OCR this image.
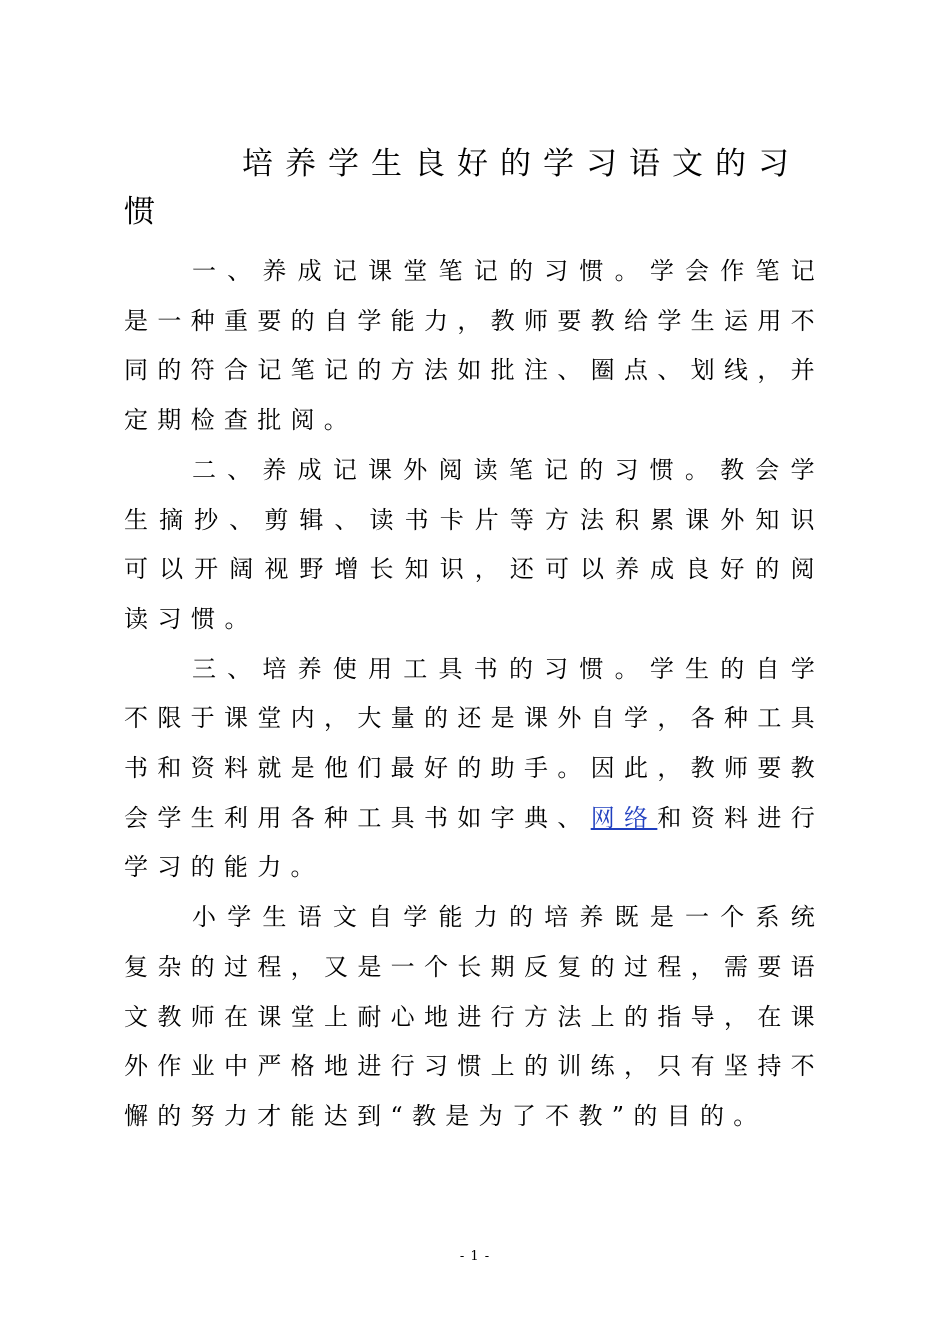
培养学生良好的学习语文的习惯

一、养成记课堂笔记的习惯。学会作笔记是一种重要的自学能力，教师要教给学生运用不同的符合记笔记的方法如批注、圈点、划线，并定期检查批阅。

二、养成记课外阅读笔记的习惯。教会学生摘抄、剪辑、读书卡片等方法积累课外知识可以开阔视野增长知识，还可以养成良好的阅读习惯。

三、培养使用工具书的习惯。学生的自学不限于课堂内，大量的还是课外自学，各种工具书和资料就是他们最好的助手。因此，教师要教会学生利用各种工具书如字典、网络和资料进行学习的能力。

小学生语文自学能力的培养既是一个系统复杂的过程，又是一个长期反复的过程，需要语文教师在课堂上耐心地进行方法上的指导，在课外作业中严格地进行习惯上的训练，只有坚持不懈的努力才能达到“教是为了不教”的目的。

- 1 -
